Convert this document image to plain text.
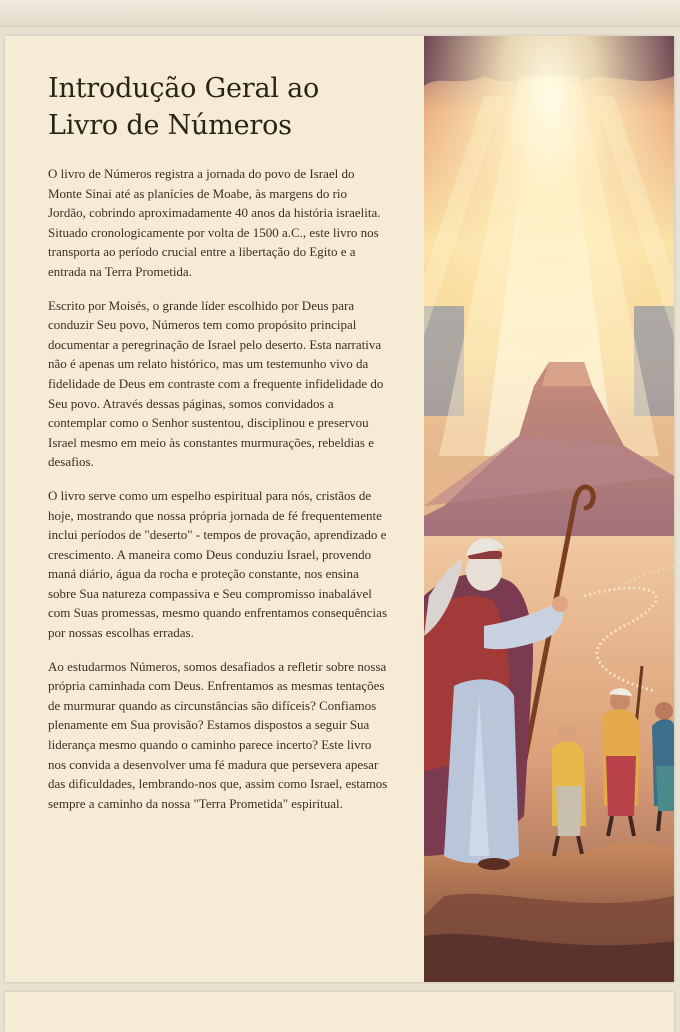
Introdução Geral ao Livro de Números

O livro de Números registra a jornada do povo de Israel do Monte Sinai até as planícies de Moabe, às margens do rio Jordão, cobrindo aproximadamente 40 anos da história israelita. Situado cronologicamente por volta de 1500 a.C., este livro nos transporta ao período crucial entre a libertação do Egito e a entrada na Terra Prometida.

Escrito por Moisés, o grande líder escolhido por Deus para conduzir Seu povo, Números tem como propósito principal documentar a peregrinação de Israel pelo deserto. Esta narrativa não é apenas um relato histórico, mas um testemunho vivo da fidelidade de Deus em contraste com a frequente infidelidade do Seu povo. Através dessas páginas, somos convidados a contemplar como o Senhor sustentou, disciplinou e preservou Israel mesmo em meio às constantes murmurações, rebeldias e desafios.

O livro serve como um espelho espiritual para nós, cristãos de hoje, mostrando que nossa própria jornada de fé frequentemente inclui períodos de "deserto" - tempos de provação, aprendizado e crescimento. A maneira como Deus conduziu Israel, provendo maná diário, água da rocha e proteção constante, nos ensina sobre Sua natureza compassiva e Seu compromisso inabalável com Suas promessas, mesmo quando enfrentamos consequências por nossas escolhas erradas.

Ao estudarmos Números, somos desafiados a refletir sobre nossa própria caminhada com Deus. Enfrentamos as mesmas tentações de murmurar quando as circunstâncias são difíceis? Confiamos plenamente em Sua provisão? Estamos dispostos a seguir Sua liderança mesmo quando o caminho parece incerto? Este livro nos convida a desenvolver uma fé madura que persevera apesar das dificuldades, lembrando-nos que, assim como Israel, estamos sempre a caminho da nossa "Terra Prometida" espiritual.
